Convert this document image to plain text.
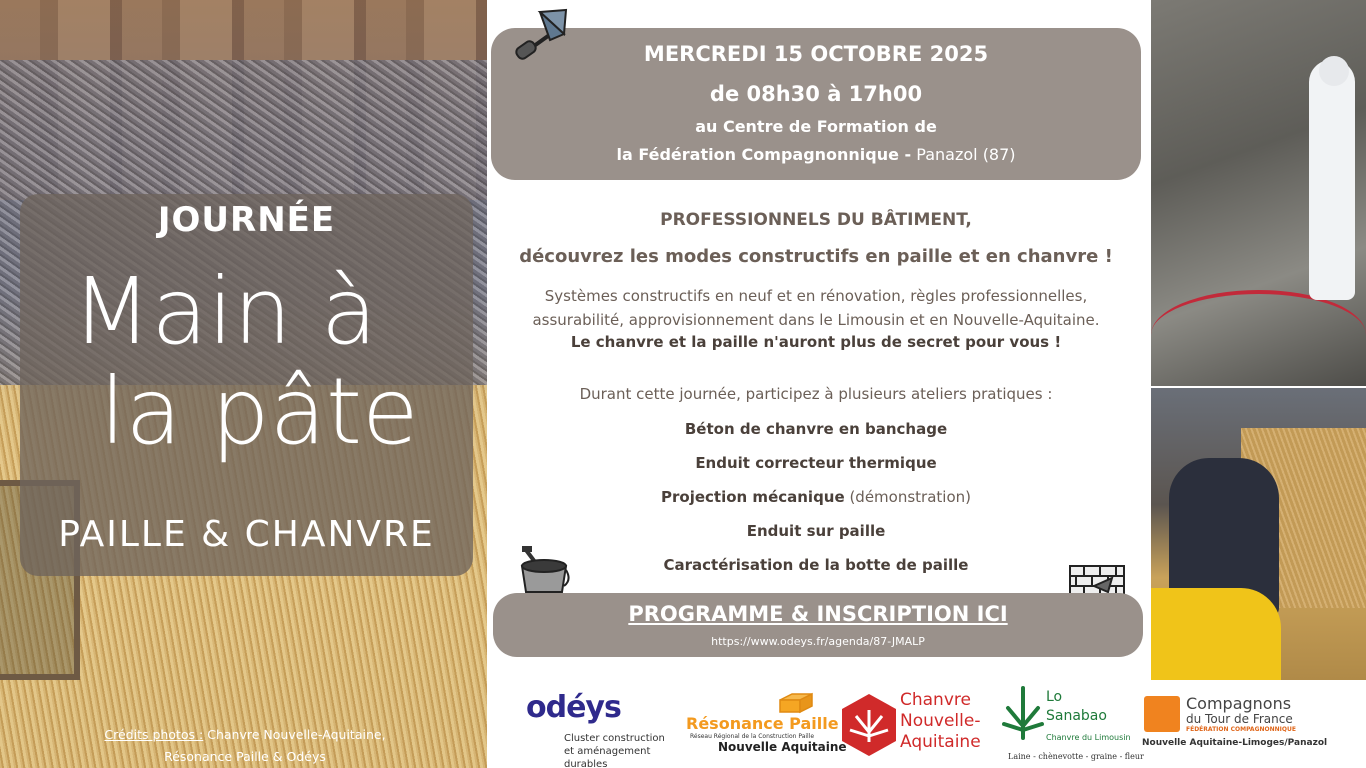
JOURNÉE
Main à
la pâte
PAILLE & CHANVRE
Crédits photos : Chanvre Nouvelle-Aquitaine,
Résonance Paille & Odéys
MERCREDI 15 OCTOBRE 2025
de 08h30 à 17h00
au Centre de Formation de
la Fédération Compagnonnique - Panazol (87)
PROFESSIONNELS DU BÂTIMENT,
découvrez les modes constructifs en paille et en chanvre !
Systèmes constructifs en neuf et en rénovation, règles professionnelles,
assurabilité, approvisionnement dans le Limousin et en Nouvelle-Aquitaine.
Le chanvre et la paille n'auront plus de secret pour vous !
Durant cette journée, participez à plusieurs ateliers pratiques :
Béton de chanvre en banchage
Enduit correcteur thermique
Projection mécanique (démonstration)
Enduit sur paille
Caractérisation de la botte de paille
PROGRAMME & INSCRIPTION ICI
https://www.odeys.fr/agenda/87-JMALP
odéys
Cluster construction
et aménagement durables
Résonance Paille
Réseau Régional de la Construction Paille
Nouvelle Aquitaine
Chanvre
Nouvelle-
Aquitaine
Lo
Sanabao
Chanvre du Limousin
Laine - chènevotte - graine - fleur
Compagnons
du Tour de France
FÉDÉRATION COMPAGNONNIQUE
Nouvelle Aquitaine-Limoges/Panazol
